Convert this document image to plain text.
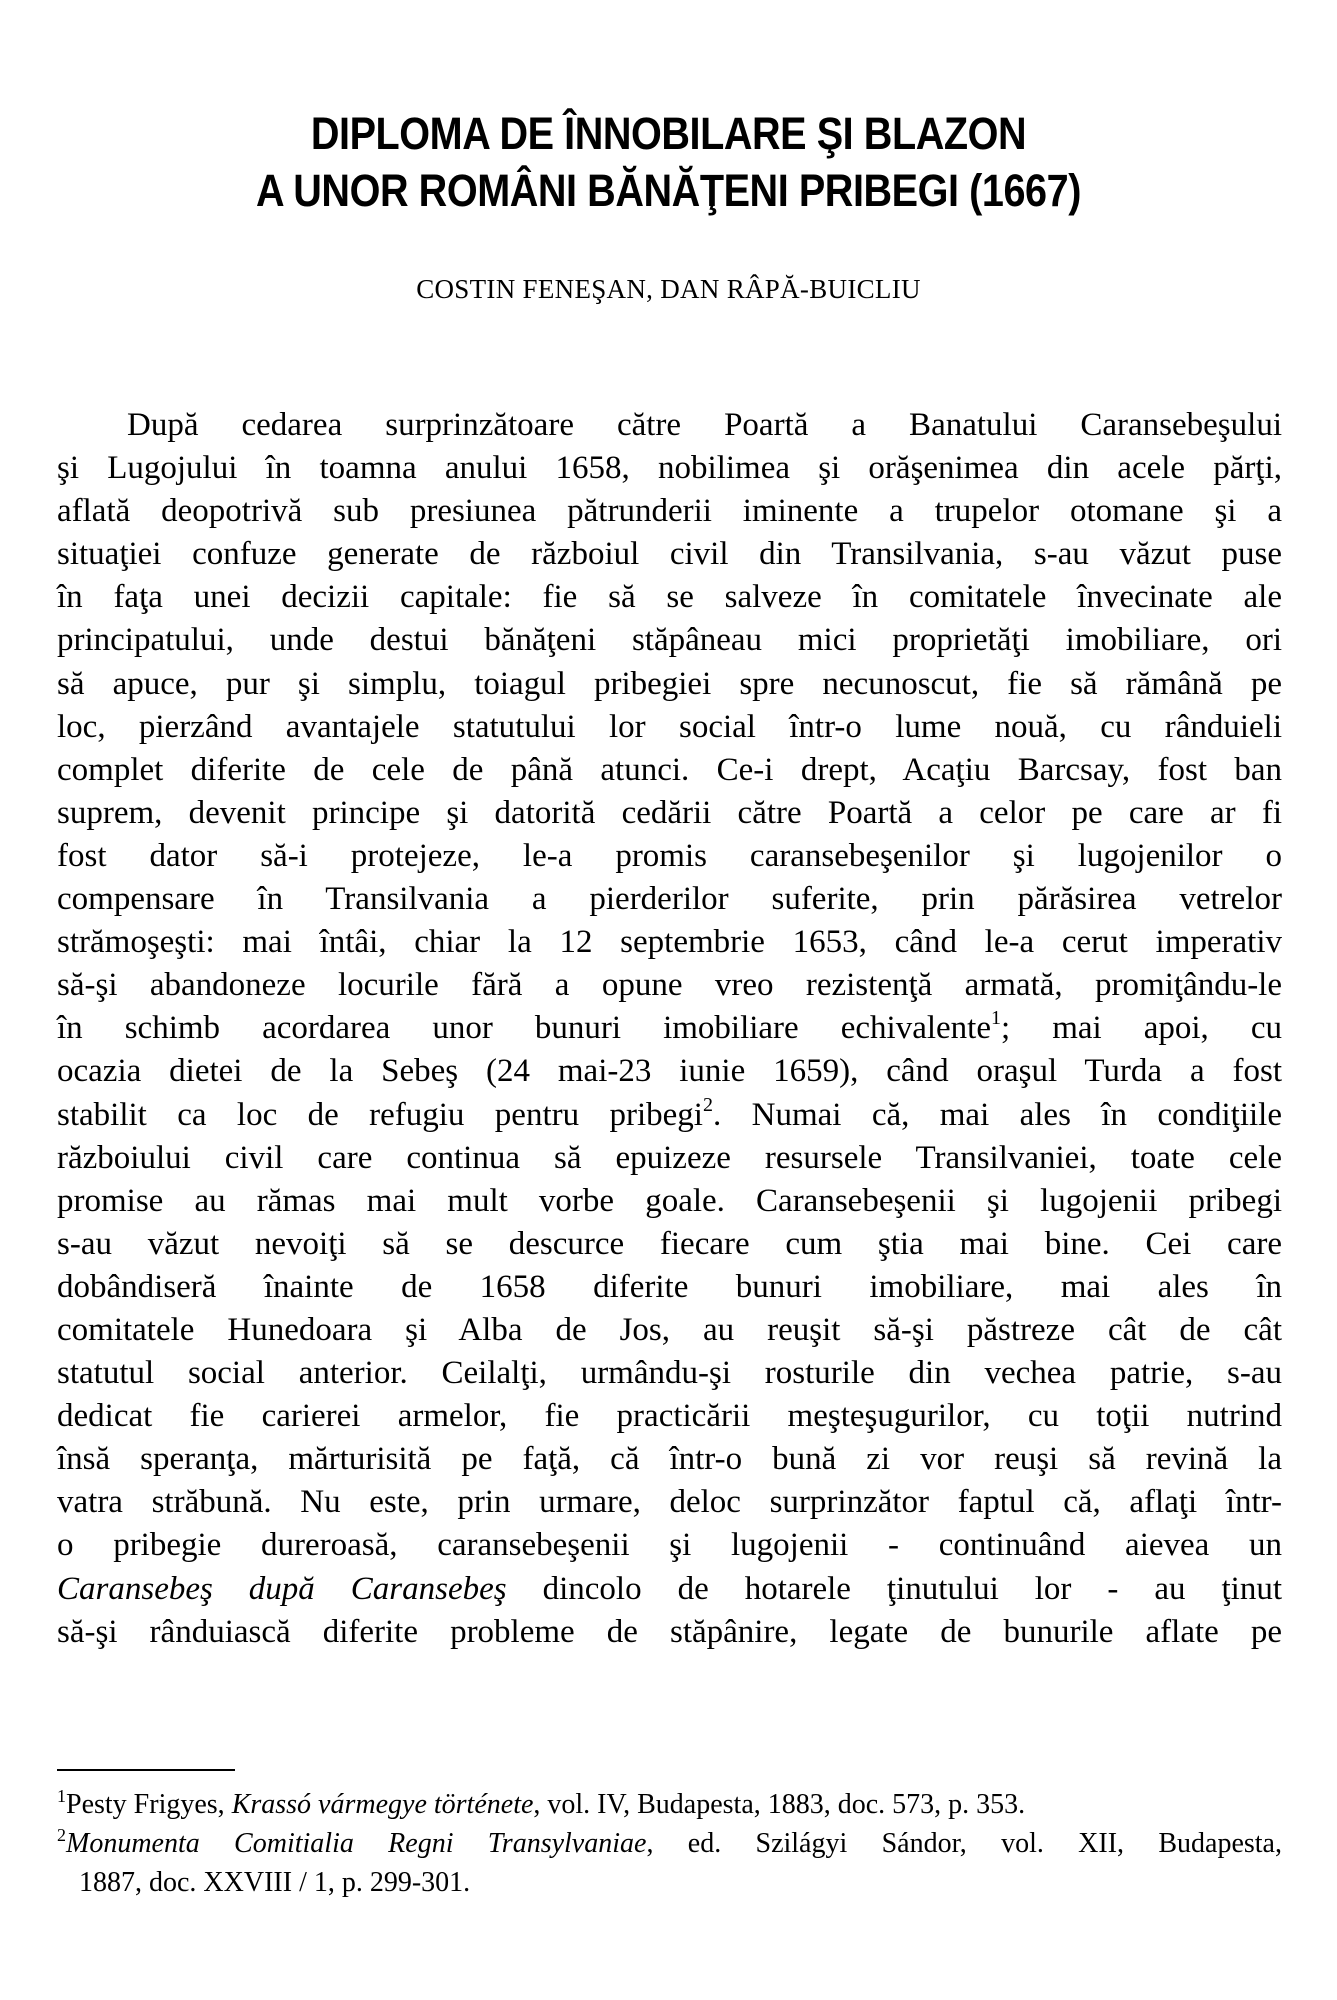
DIPLOMA DE ÎNNOBILARE ŞI BLAZON
A UNOR ROMÂNI BĂNĂŢENI PRIBEGI (1667)
COSTIN FENEŞAN, DAN RÂPĂ-BUICLIU
După cedarea surprinzătoare către Poartă a Banatului Caransebeşului
şi Lugojului în toamna anului 1658, nobilimea şi orăşenimea din acele părţi,
aflată deopotrivă sub presiunea pătrunderii iminente a trupelor otomane şi a
situaţiei confuze generate de războiul civil din Transilvania, s-au văzut puse
în faţa unei decizii capitale: fie să se salveze în comitatele învecinate ale
principatului, unde destui bănăţeni stăpâneau mici proprietăţi imobiliare, ori
să apuce, pur şi simplu, toiagul pribegiei spre necunoscut, fie să rămână pe
loc, pierzând avantajele statutului lor social într-o lume nouă, cu rânduieli
complet diferite de cele de până atunci. Ce-i drept, Acaţiu Barcsay, fost ban
suprem, devenit principe şi datorită cedării către Poartă a celor pe care ar fi
fost dator să-i protejeze, le-a promis caransebeşenilor şi lugojenilor o
compensare în Transilvania a pierderilor suferite, prin părăsirea vetrelor
strămoşeşti: mai întâi, chiar la 12 septembrie 1653, când le-a cerut imperativ
să-şi abandoneze locurile fără a opune vreo rezistenţă armată, promiţându-le
în schimb acordarea unor bunuri imobiliare echivalente$^1$; mai apoi, cu
ocazia dietei de la Sebeş (24 mai-23 iunie 1659), când oraşul Turda a fost
stabilit ca loc de refugiu pentru pribegi$^2$. Numai că, mai ales în condiţiile
războiului civil care continua să epuizeze resursele Transilvaniei, toate cele
promise au rămas mai mult vorbe goale. Caransebeşenii şi lugojenii pribegi
s-au văzut nevoiţi să se descurce fiecare cum ştia mai bine. Cei care
dobândiseră înainte de 1658 diferite bunuri imobiliare, mai ales în
comitatele Hunedoara şi Alba de Jos, au reuşit să-şi păstreze cât de cât
statutul social anterior. Ceilalţi, urmându-şi rosturile din vechea patrie, s-au
dedicat fie carierei armelor, fie practicării meşteşugurilor, cu toţii nutrind
însă speranţa, mărturisită pe faţă, că într-o bună zi vor reuşi să revină la
vatra străbună. Nu este, prin urmare, deloc surprinzător faptul că, aflaţi într-
o pribegie dureroasă, caransebeşenii şi lugojenii - continuând aievea un
Caransebeş după Caransebeş dincolo de hotarele ţinutului lor - au ţinut
să-şi rânduiască diferite probleme de stăpânire, legate de bunurile aflate pe
$^1$Pesty Frigyes, Krassó vármegye története, vol. IV, Budapesta, 1883, doc. 573, p. 353.
$^2$Monumenta Comitialia Regni Transylvaniae, ed. Szilágyi Sándor, vol. XII, Budapesta,
1887, doc. XXVIII / 1, p. 299-301.
